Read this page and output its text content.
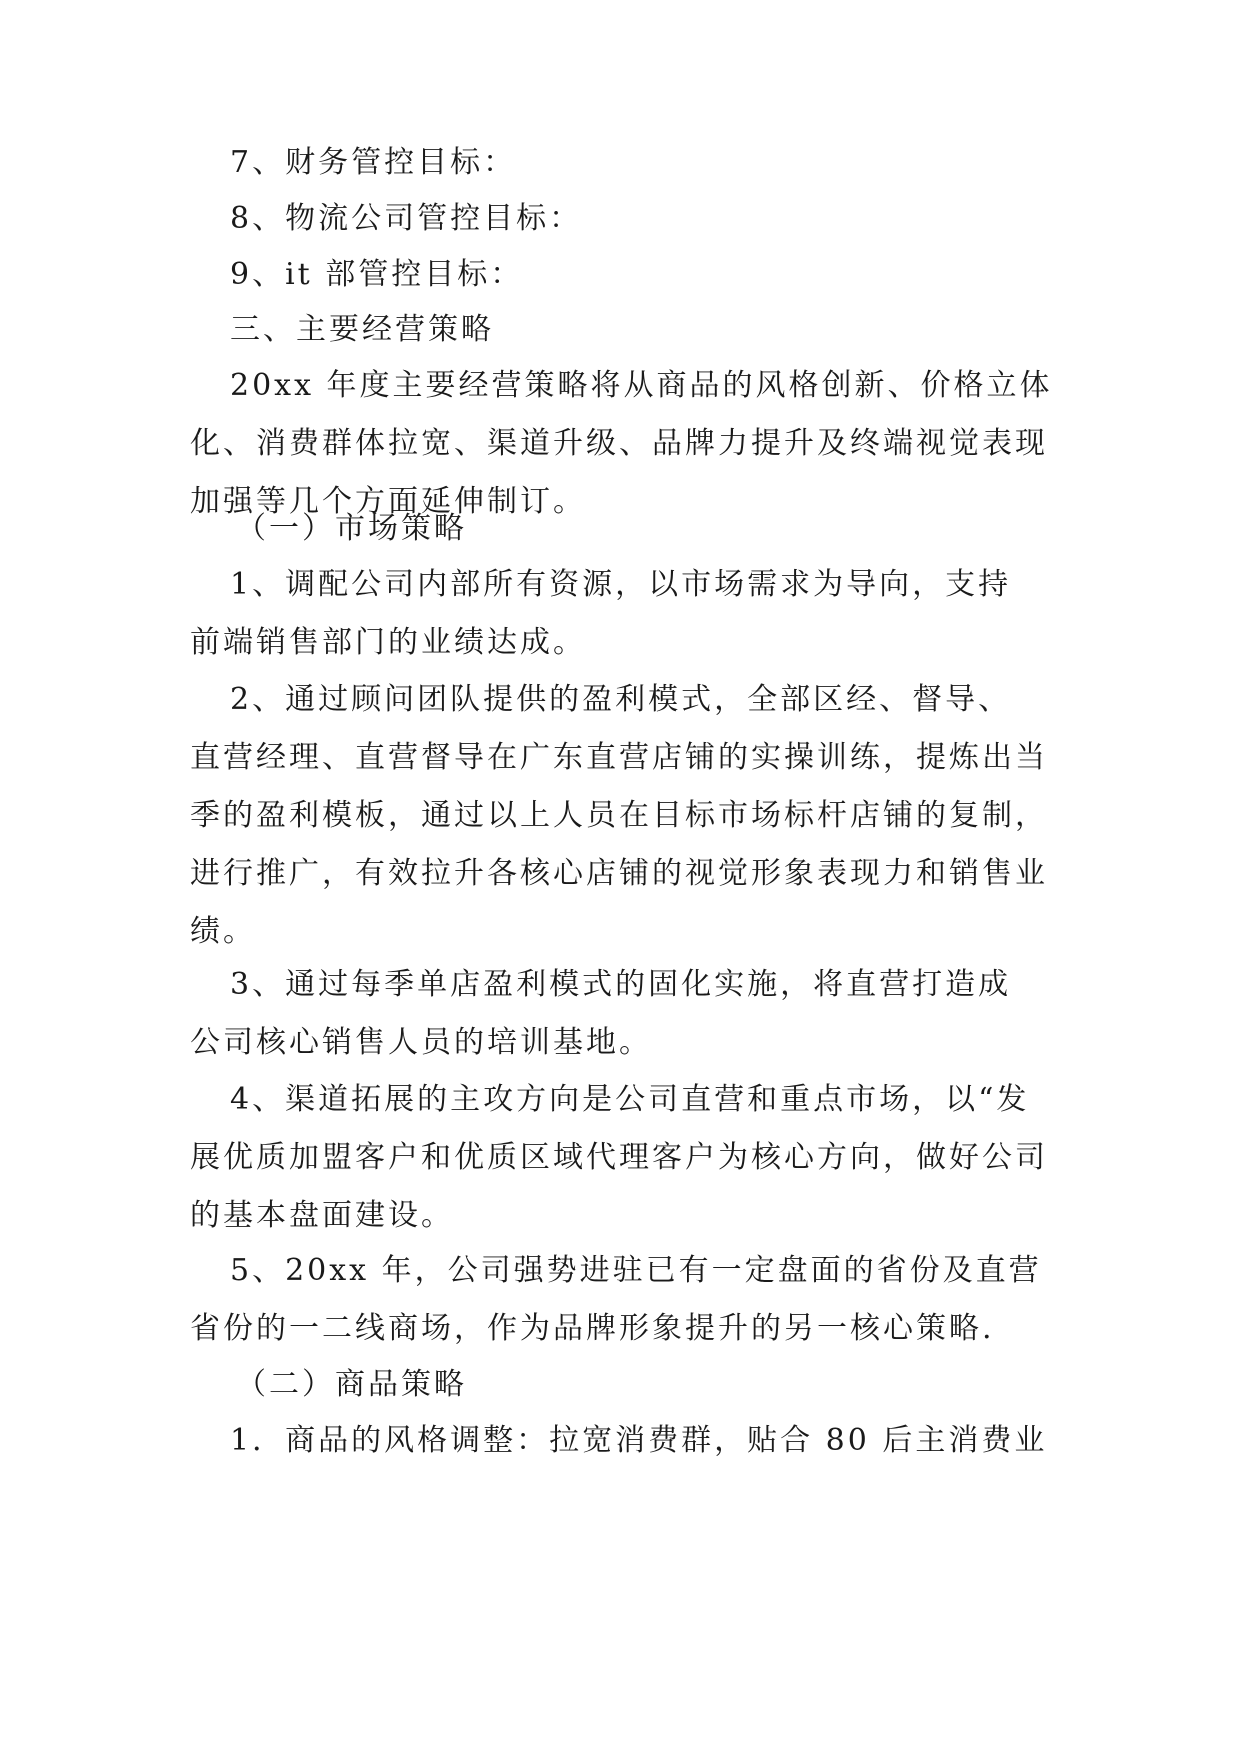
7、财务管控目标：

8、物流公司管控目标：

9、it 部管控目标：

三、主要经营策略

20xx 年度主要经营策略将从商品的风格创新、价格立体
化、消费群体拉宽、渠道升级、品牌力提升及终端视觉表现
加强等几个方面延伸制订。

（一）市场策略

1、调配公司内部所有资源，以市场需求为导向，支持
前端销售部门的业绩达成。

2、通过顾问团队提供的盈利模式，全部区经、督导、
直营经理、直营督导在广东直营店铺的实操训练，提炼出当
季的盈利模板，通过以上人员在目标市场标杆店铺的复制，
进行推广，有效拉升各核心店铺的视觉形象表现力和销售业
绩。

3、通过每季单店盈利模式的固化实施，将直营打造成
公司核心销售人员的培训基地。

4、渠道拓展的主攻方向是公司直营和重点市场，以“发
展优质加盟客户和优质区域代理客户为核心方向，做好公司
的基本盘面建设。

5、20xx 年，公司强势进驻已有一定盘面的省份及直营
省份的一二线商场，作为品牌形象提升的另一核心策略.

（二）商品策略

1．商品的风格调整：拉宽消费群，贴合 80 后主消费业
